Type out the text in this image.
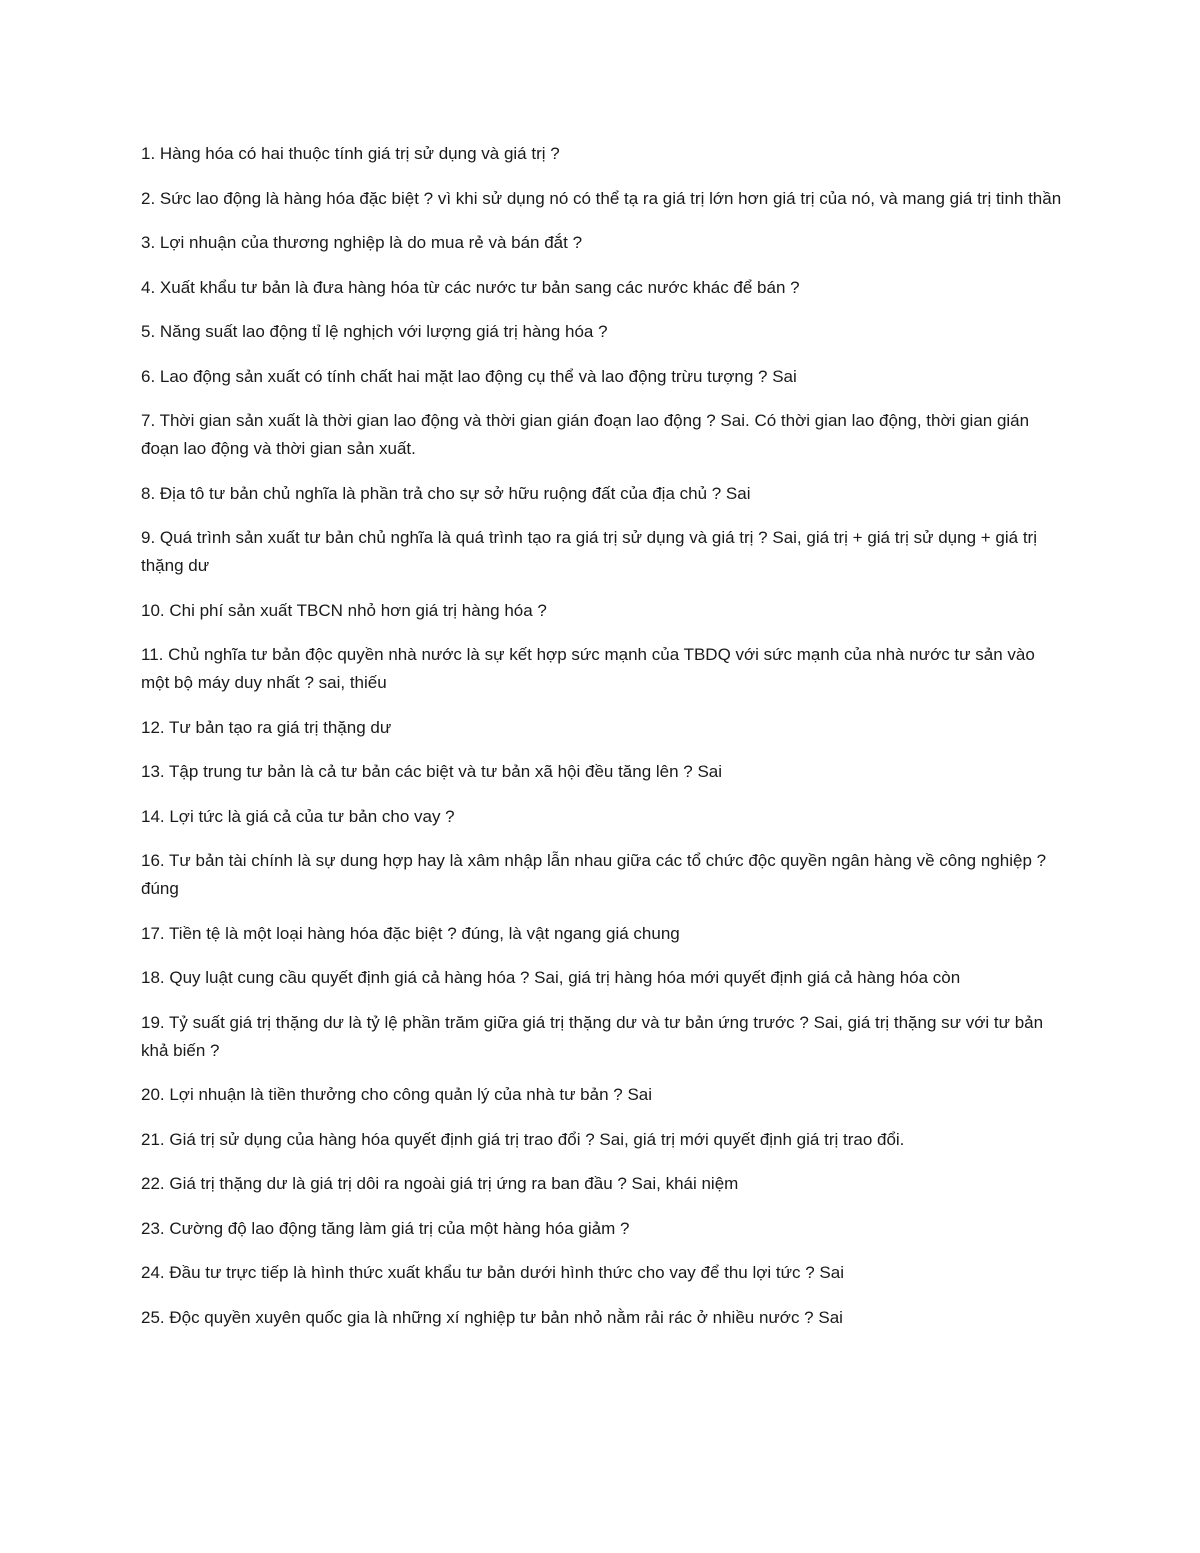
1. Hàng hóa có hai thuộc tính giá trị sử dụng và giá trị ?

2. Sức lao động là hàng hóa đặc biệt ? vì khi sử dụng nó có thể tạ ra giá trị lớn hơn giá trị của nó, và mang giá trị tinh thần

3. Lợi nhuận của thương nghiệp là do mua rẻ và bán đắt ?

4. Xuất khẩu tư bản là đưa hàng hóa từ các nước tư bản sang các nước khác để bán ?

5. Năng suất lao động tỉ lệ nghịch với lượng giá trị hàng hóa ?

6. Lao động sản xuất có tính chất hai mặt lao động cụ thể và lao động trừu tượng ? Sai

7. Thời gian sản xuất là thời gian lao động và thời gian gián đoạn lao động ? Sai. Có thời gian lao động, thời gian gián đoạn lao động và thời gian sản xuất.

8. Địa tô tư bản chủ nghĩa là phần trả cho sự sở hữu ruộng đất của địa chủ ? Sai

9. Quá trình sản xuất tư bản chủ nghĩa là quá trình tạo ra giá trị sử dụng và giá trị ? Sai, giá trị + giá trị sử dụng + giá trị thặng dư

10. Chi phí sản xuất TBCN nhỏ hơn giá trị hàng hóa ?

11. Chủ nghĩa tư bản độc quyền nhà nước là sự kết hợp sức mạnh của TBDQ với sức mạnh của nhà nước tư sản vào một bộ máy duy nhất ? sai, thiếu

12. Tư bản tạo ra giá trị thặng dư

13. Tập trung tư bản là cả tư bản các biệt và tư bản xã hội đều tăng lên ? Sai

14. Lợi tức là giá cả của tư bản cho vay ?

16. Tư bản tài chính là sự dung hợp hay là xâm nhập lẫn nhau giữa các tổ chức độc quyền ngân hàng về công nghiệp ? đúng

17. Tiền tệ là một loại hàng hóa đặc biệt ? đúng, là vật ngang giá chung

18. Quy luật cung cầu quyết định giá cả hàng hóa ? Sai, giá trị hàng hóa mới quyết định giá cả hàng hóa còn

19. Tỷ suất giá trị thặng dư là tỷ lệ phần trăm giữa giá trị thặng dư và tư bản ứng trước ? Sai, giá trị thặng sư với tư bản khả biến ?

20. Lợi nhuận là tiền thưởng cho công quản lý của nhà tư bản ? Sai

21. Giá trị sử dụng của hàng hóa quyết định giá trị trao đổi ? Sai, giá trị mới quyết định giá trị trao đổi.

22. Giá trị thặng dư là giá trị dôi ra ngoài giá trị ứng ra ban đầu ? Sai, khái niệm

23. Cường độ lao động tăng làm giá trị của một hàng hóa giảm ?

24. Đầu tư trực tiếp là hình thức xuất khẩu tư bản dưới hình thức cho vay để thu lợi tức ? Sai

25. Độc quyền xuyên quốc gia là những xí nghiệp tư bản nhỏ nằm rải rác ở nhiều nước ? Sai
